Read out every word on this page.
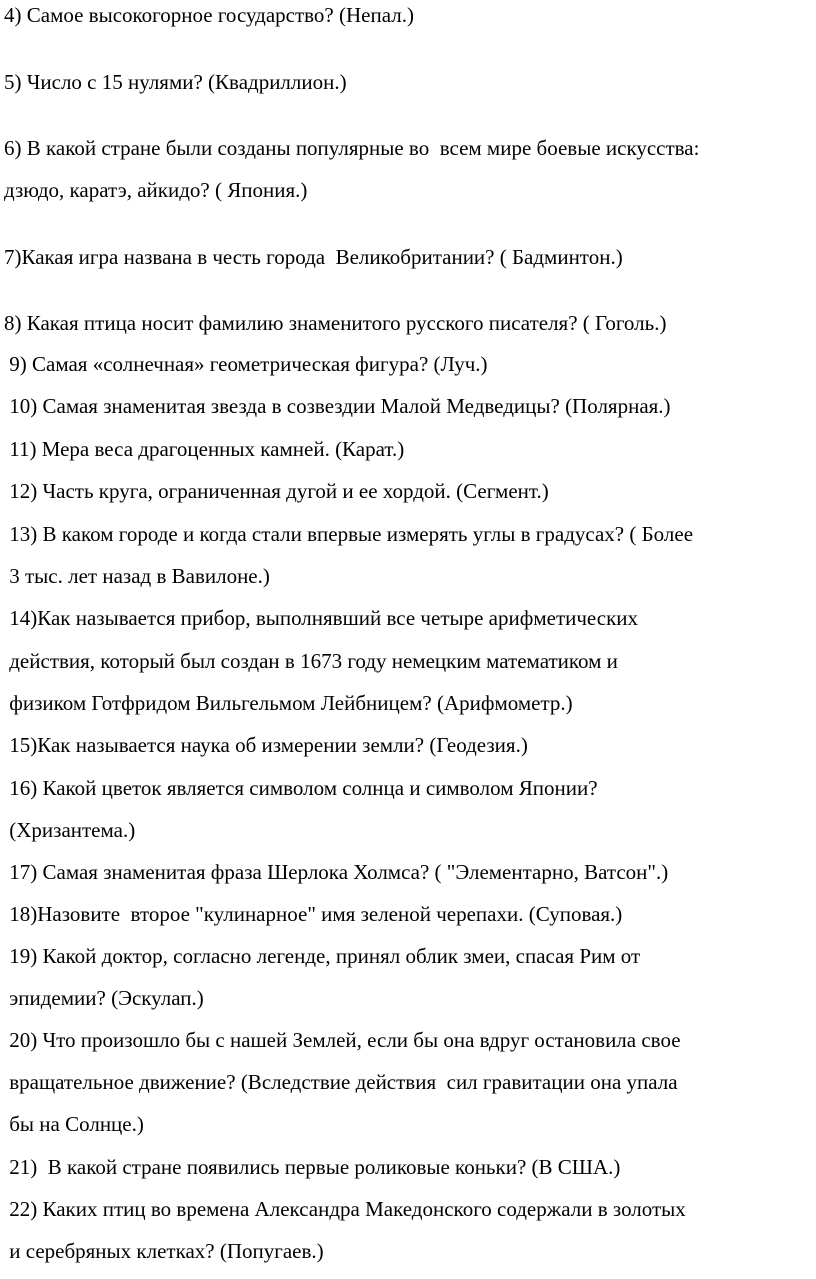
4) Самое высокогорное государство? (Непал.)

5) Число с 15 нулями? (Квадриллион.)

6) В какой стране были созданы популярные во  всем мире боевые искусства:

дзюдо, каратэ, айкидо? ( Япония.)

7)Какая игра названа в честь города  Великобритании? ( Бадминтон.)

8) Какая птица носит фамилию знаменитого русского писателя? ( Гоголь.)

9) Самая «солнечная» геометрическая фигура? (Луч.)

10) Самая знаменитая звезда в созвездии Малой Медведицы? (Полярная.)

11) Мера веса драгоценных камней. (Карат.)

12) Часть круга, ограниченная дугой и ее хордой. (Сегмент.)

13) В каком городе и когда стали впервые измерять углы в градусах? ( Более

3 тыс. лет назад в Вавилоне.)

14)Как называется прибор, выполнявший все четыре арифметических

действия, который был создан в 1673 году немецким математиком и

физиком Готфридом Вильгельмом Лейбницем? (Арифмометр.)

15)Как называется наука об измерении земли? (Геодезия.)

16) Какой цветок является символом солнца и символом Японии?

(Хризантема.)

17) Самая знаменитая фраза Шерлока Холмса? ( "Элементарно, Ватсон".)

18)Назовите  второе "кулинарное" имя зеленой черепахи. (Суповая.)

19) Какой доктор, согласно легенде, принял облик змеи, спасая Рим от

эпидемии? (Эскулап.)

20) Что произошло бы с нашей Землей, если бы она вдруг остановила свое

вращательное движение? (Вследствие действия  сил гравитации она упала

бы на Солнце.)

21)  В какой стране появились первые роликовые коньки? (В США.)

22) Каких птиц во времена Александра Македонского содержали в золотых

и серебряных клетках? (Попугаев.)
